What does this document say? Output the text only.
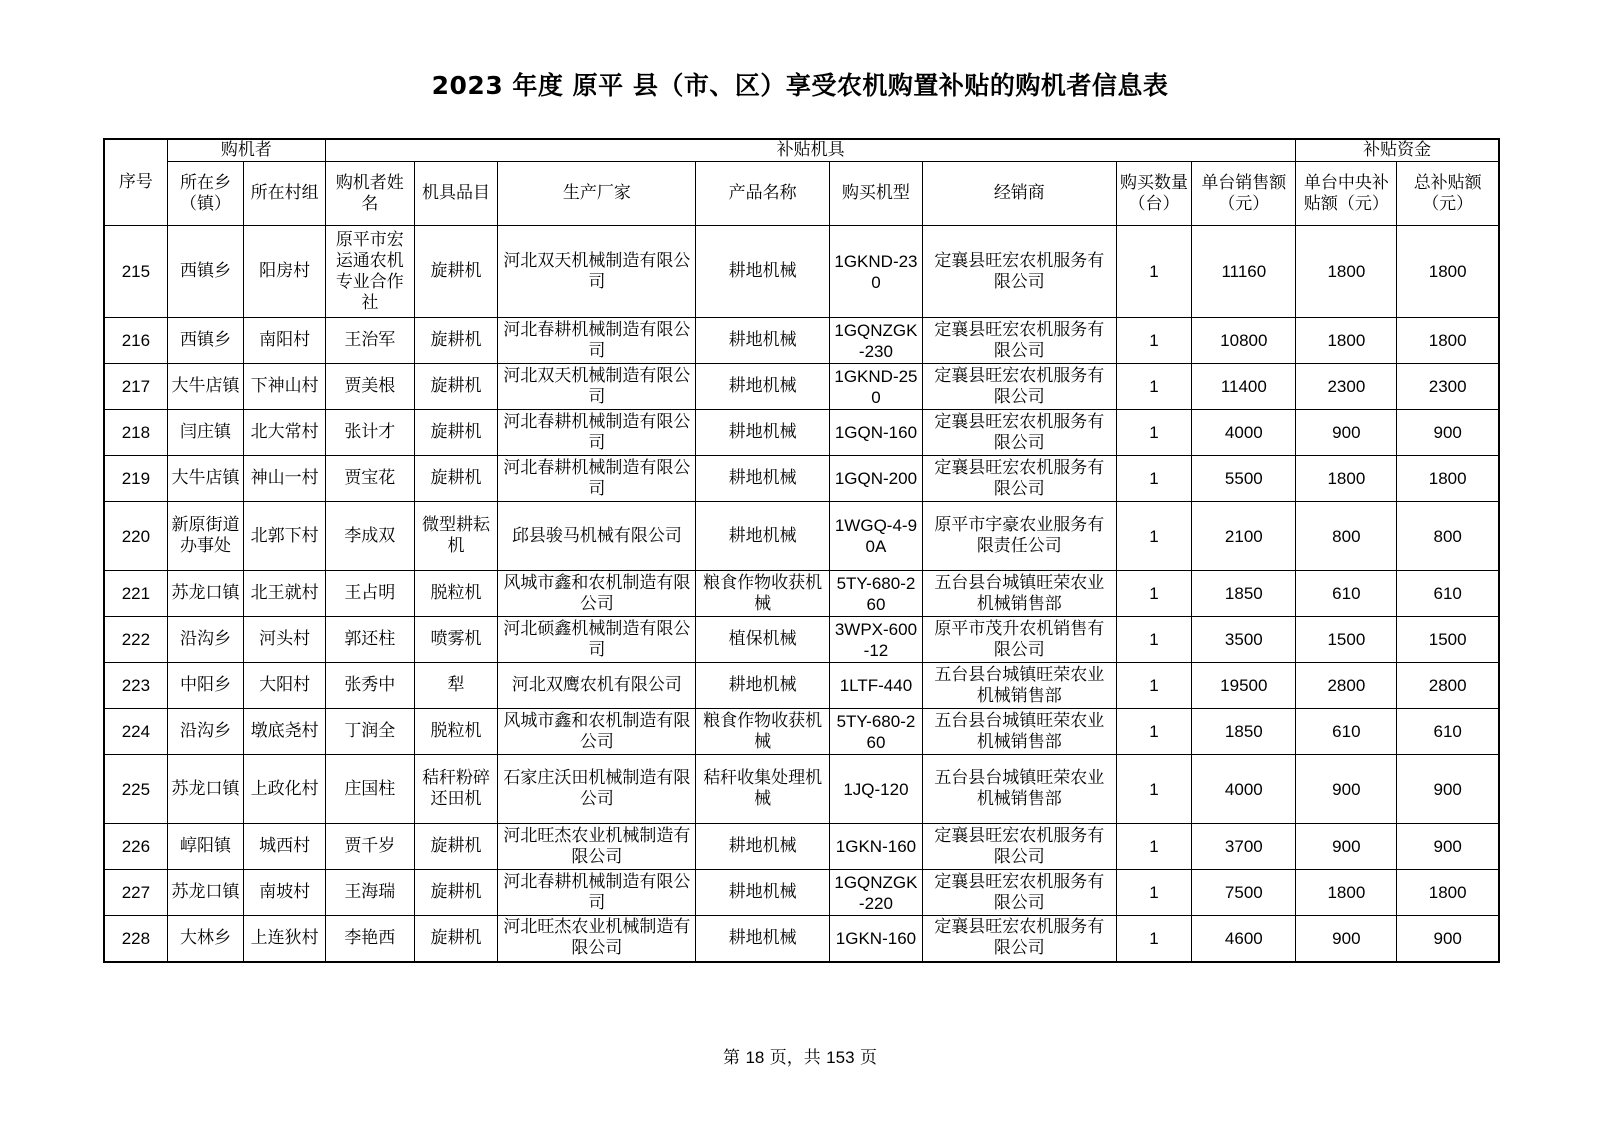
2023 年度 原平 县（市、区）享受农机购置补贴的购机者信息表
序号	购机者		补贴机具								补贴资金	
	所在乡（镇）	所在村组	购机者姓名	机具品目	生产厂家	产品名称	购买机型	经销商	购买数量（台）	单台销售额（元）	单台中央补贴额（元）	总补贴额（元）
215	西镇乡	阳房村	原平市宏运通农机专业合作社	旋耕机	河北双天机械制造有限公司	耕地机械	1GKND-230	定襄县旺宏农机服务有限公司	1	11160	1800	1800
216	西镇乡	南阳村	王治军	旋耕机	河北春耕机械制造有限公司	耕地机械	1GQNZGK-230	定襄县旺宏农机服务有限公司	1	10800	1800	1800
217	大牛店镇	下神山村	贾美根	旋耕机	河北双天机械制造有限公司	耕地机械	1GKND-250	定襄县旺宏农机服务有限公司	1	11400	2300	2300
218	闫庄镇	北大常村	张计才	旋耕机	河北春耕机械制造有限公司	耕地机械	1GQN-160	定襄县旺宏农机服务有限公司	1	4000	900	900
219	大牛店镇	神山一村	贾宝花	旋耕机	河北春耕机械制造有限公司	耕地机械	1GQN-200	定襄县旺宏农机服务有限公司	1	5500	1800	1800
220	新原街道办事处	北郭下村	李成双	微型耕耘机	邱县骏马机械有限公司	耕地机械	1WGQ-4-90A	原平市宇豪农业服务有限责任公司	1	2100	800	800
221	苏龙口镇	北王就村	王占明	脱粒机	风城市鑫和农机制造有限公司	粮食作物收获机械	5TY-680-260	五台县台城镇旺荣农业机械销售部	1	1850	610	610
222	沿沟乡	河头村	郭还柱	喷雾机	河北硕鑫机械制造有限公司	植保机械	3WPX-600-12	原平市茂升农机销售有限公司	1	3500	1500	1500
223	中阳乡	大阳村	张秀中	犁	河北双鹰农机有限公司	耕地机械	1LTF-440	五台县台城镇旺荣农业机械销售部	1	19500	2800	2800
224	沿沟乡	墩底尧村	丁润全	脱粒机	风城市鑫和农机制造有限公司	粮食作物收获机械	5TY-680-260	五台县台城镇旺荣农业机械销售部	1	1850	610	610
225	苏龙口镇	上政化村	庄国柱	秸秆粉碎还田机	石家庄沃田机械制造有限公司	秸秆收集处理机械	1JQ-120	五台县台城镇旺荣农业机械销售部	1	4000	900	900
226	崞阳镇	城西村	贾千岁	旋耕机	河北旺杰农业机械制造有限公司	耕地机械	1GKN-160	定襄县旺宏农机服务有限公司	1	3700	900	900
227	苏龙口镇	南坡村	王海瑞	旋耕机	河北春耕机械制造有限公司	耕地机械	1GQNZGK-220	定襄县旺宏农机服务有限公司	1	7500	1800	1800
228	大林乡	上连狄村	李艳西	旋耕机	河北旺杰农业机械制造有限公司	耕地机械	1GKN-160	定襄县旺宏农机服务有限公司	1	4600	900	900
第 18 页，共 153 页
